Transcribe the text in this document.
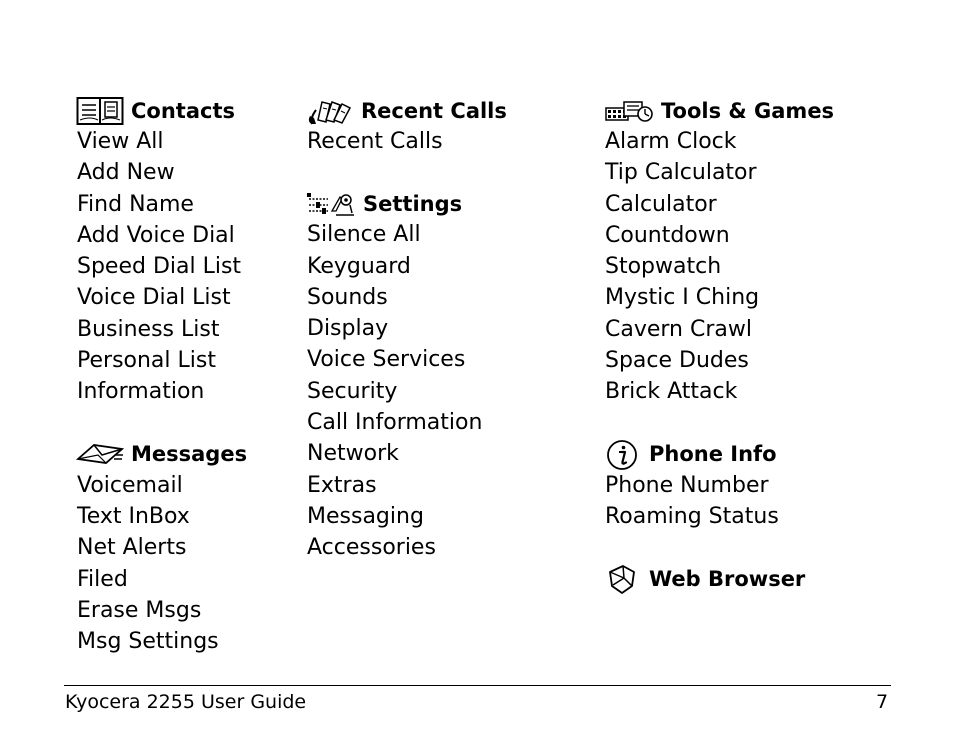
Contacts
View All
Add New
Find Name
Add Voice Dial
Speed Dial List
Voice Dial List
Business List
Personal List
Information
Messages
Voicemail
Text InBox
Net Alerts
Filed
Erase Msgs
Msg Settings
Recent Calls
Recent Calls
Settings
Silence All
Keyguard
Sounds
Display
Voice Services
Security
Call Information
Network
Extras
Messaging
Accessories
Tools & Games
Alarm Clock
Tip Calculator
Calculator
Countdown
Stopwatch
Mystic I Ching
Cavern Crawl
Space Dudes
Brick Attack
Phone Info
Phone Number
Roaming Status
Web Browser
Kyocera 2255 User Guide	7
